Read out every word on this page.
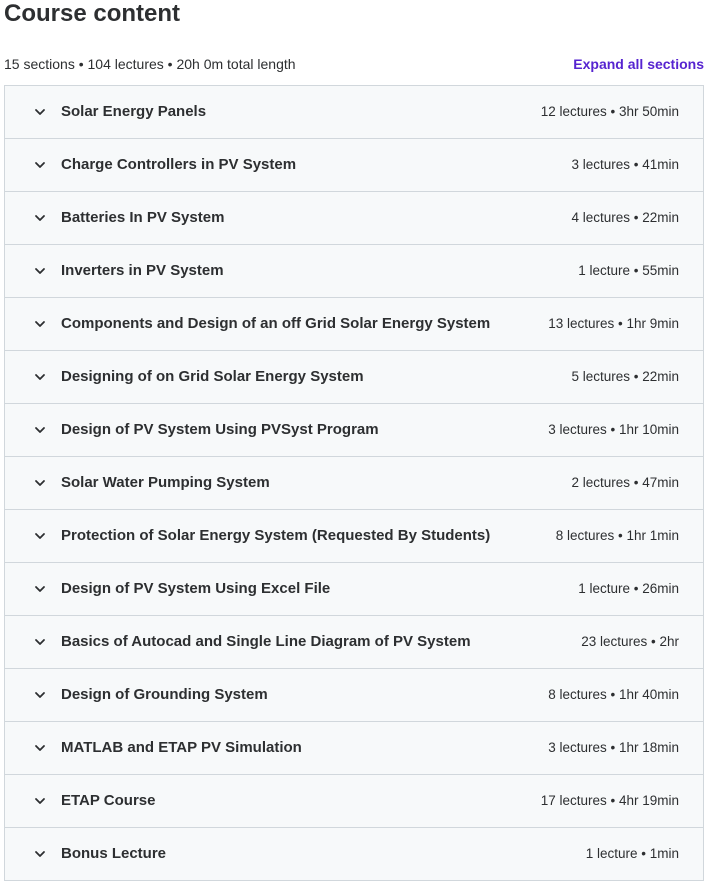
Course content
15 sections • 104 lectures • 20h 0m total length	Expand all sections
Solar Energy Panels	12 lectures • 3hr 50min
Charge Controllers in PV System	3 lectures • 41min
Batteries In PV System	4 lectures • 22min
Inverters in PV System	1 lecture • 55min
Components and Design of an off Grid Solar Energy System	13 lectures • 1hr 9min
Designing of on Grid Solar Energy System	5 lectures • 22min
Design of PV System Using PVSyst Program	3 lectures • 1hr 10min
Solar Water Pumping System	2 lectures • 47min
Protection of Solar Energy System (Requested By Students)	8 lectures • 1hr 1min
Design of PV System Using Excel File	1 lecture • 26min
Basics of Autocad and Single Line Diagram of PV System	23 lectures • 2hr
Design of Grounding System	8 lectures • 1hr 40min
MATLAB and ETAP PV Simulation	3 lectures • 1hr 18min
ETAP Course	17 lectures • 4hr 19min
Bonus Lecture	1 lecture • 1min
